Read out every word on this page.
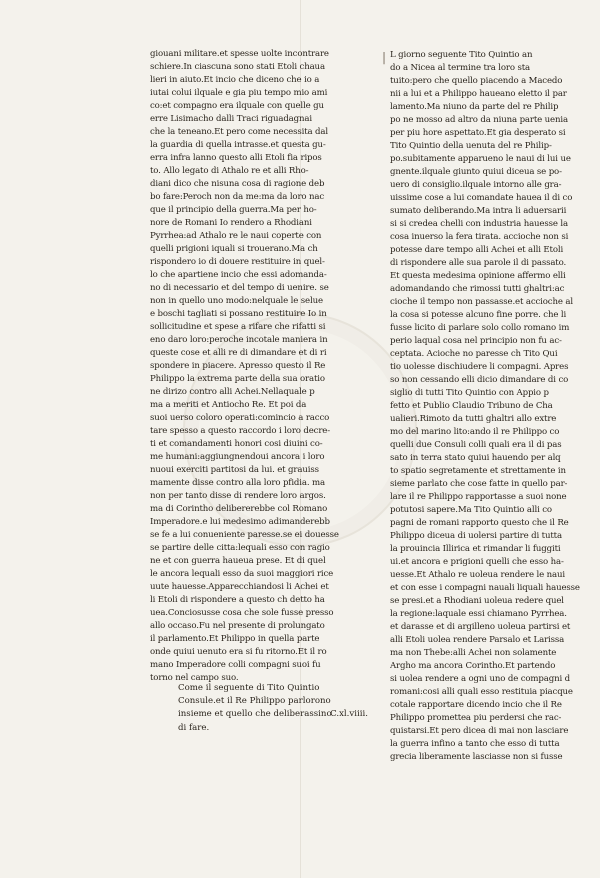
giouani militare.et spesse uolte incontrare
schiere.In ciascuna sono stati Etoli chaua
lieri in aiuto.Et incio che diceno che io a
iutai colui ilquale e gia piu tempo mio ami
co:et compagno era ilquale con quelle gu
erre Lisimacho dalli Traci riguadagnai
che la teneano.Et pero come necessita dal
la guardia di quella intrasse.et questa gu-
erra infra lanno questo alli Etoli fia ripos
to. Allo legato di Athalo re et alli Rho-
diani dico che nisuna cosa di ragione deb
bo fare:Peroch non da me:ma da loro nac
que il principio della guerra.Ma per ho-
nore de Romani Io rendero a Rhodiani
Pyrrhea:ad Athalo re le naui coperte con
quelli prigioni iquali si trouerano.Ma ch
rispondero io di douere restituire in quel-
lo che apartiene incio che essi adomanda-
no di necessario et del tempo di uenire. se
non in quello uno modo:nelquale le selue
e boschi tagliati si possano restituire Io in
sollicitudine et spese a rifare che rifatti si
eno daro loro:peroche incotale maniera in
queste cose et alli re di dimandare et di ri
spondere in piacere. Apresso questo il Re
Philippo la extrema parte della sua oratio
ne dirizo contro alli Achei.Nellaquale p
ma a meriti et Antiocho Re. Et poi da
suoi uerso coloro operati:comincio a racco
tare spesso a questo raccordo i loro decre-
ti et comandamenti honori cosi diuini co-
me humani:aggiungnendoui ancora i loro
nuoui exerciti partitosi da lui. et grauiss
mamente disse contro alla loro pfidia. ma
non per tanto disse di rendere loro argos.
ma di Corintho delibererebbe col Romano
Imperadore.e lui medesimo adimanderebb
se fe a lui conueniente paresse.se ei douesse
se partire delle citta:lequali esso con ragio
ne et con guerra haueua prese. Et di quel
le ancora lequali esso da suoi maggiori rice
uute hauesse.Apparecchiandosi li Achei et
li Etoli di rispondere a questo ch detto ha
uea.Conciosusse cosa che sole fusse presso
allo occaso.Fu nel presente di prolungato
il parlamento.Et Philippo in quella parte
onde quiui uenuto era si fu ritorno.Et il ro
mano Imperadore colli compagni suoi fu
torno nel campo suo.
Come il seguente di Tito Quintio
Consule.et il Re Philippo parlorono
insieme et quello che deliberassino
di fare.
C.xl.viiii.
| L giorno seguente Tito Quintio an
do a Nicea al termine tra loro sta
tuito:pero che quello piacendo a Macedo
nii a lui et a Philippo haueano eletto il par
lamento.Ma niuno da parte del re Philip
po ne mosso ad altro da niuna parte uenia
per piu hore aspettato.Et gia desperato si
Tito Quintio della uenuta del re Philip-
po.subitamente apparueno le naui di lui ue
gnente.ilquale giunto quiui diceua se po-
uero di consiglio.ilquale intorno alle gra-
uissime cose a lui comandate hauea il di co
sumato deliberando.Ma intra li aduersarii
si si credea chelli con industria hauesse la
cosa inuerso la fera tirata. accioche non si
potesse dare tempo alli Achei et alli Etoli
di rispondere alle sua parole il di passato.
Et questa medesima opinione affermo elli
adomandando che rimossi tutti ghaltri:ac
cioche il tempo non passasse.et accioche al
la cosa si potesse alcuno fine porre. che li
fusse licito di parlare solo collo romano im
perio laqual cosa nel principio non fu ac-
ceptata. Acioche no paresse ch Tito Qui
tio uolesse dischiudere li compagni. Apres
so non cessando elli dicio dimandare di co
siglio di tutti Tito Quintio con Appio p
fetto et Publio Claudio Tribuno de Cha
ualieri.Rimoto da tutti ghaltri allo extre
mo del marino lito:ando il re Philippo co
quelli due Consuli colli quali era il di pas
sato in terra stato quiui hauendo per alq
to spatio segretamente et strettamente in
sieme parlato che cose fatte in quello par-
lare il re Philippo rapportasse a suoi none
potutosi sapere.Ma Tito Quintio alli co
pagni de romani rapporto questo che il Re
Philippo diceua di uolersi partire di tutta
la prouincia Illirica et rimandar li fuggiti
ui.et ancora e prigioni quelli che esso ha-
uesse.Et Athalo re uoleua rendere le naui
et con esse i compagni nauali liquali hauesse
se presi.et a Rhodiani uoleua redere quel
la regione:laquale essi chiamano Pyrrhea.
et darasse et di argilleno uoleua partirsi et
alli Etoli uolea rendere Parsalo et Larissa
ma non Thebe:alli Achei non solamente
Argho ma ancora Corintho.Et partendo
si uolea rendere a ogni uno de compagni d
romani:cosi alli quali esso restituia piacque
cotale rapportare dicendo incio che il Re
Philippo promettea piu perdersi che rac-
quistarsi.Et pero dicea di mai non lasciare
la guerra infino a tanto che esso di tutta
grecia liberamente lasciasse non si fusse
